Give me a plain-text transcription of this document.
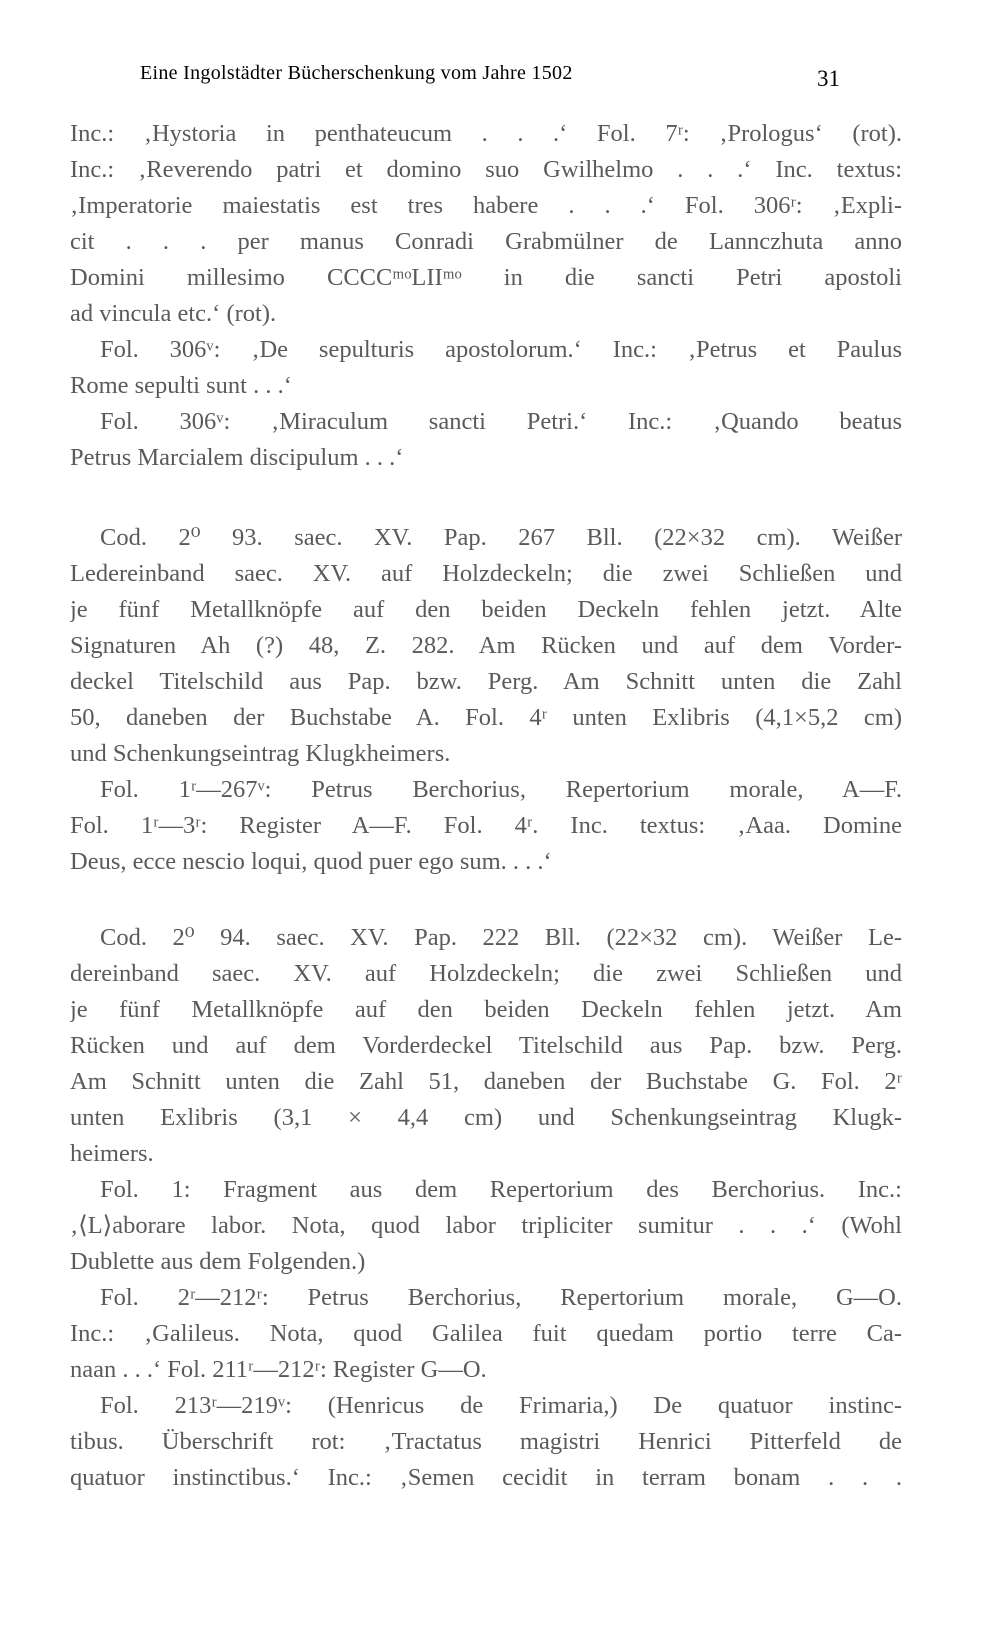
Eine Ingolstädter Bücherschenkung vom Jahre 1502	31
Inc.: ‚Hystoria in penthateucum . . .‘ Fol. 7ʳ: ‚Prologus‘ (rot).
Inc.: ‚Reverendo patri et domino suo Gwilhelmo . . .‘ Inc. textus:
‚Imperatorie maiestatis est tres habere . . .‘ Fol. 306ʳ: ‚Expli-
cit . . . per manus Conradi Grabmülner de Lannczhuta anno
Domini millesimo CCCCᵐᵒLIIᵐᵒ in die sancti Petri apostoli
ad vincula etc.‘ (rot).
Fol. 306ᵛ: ‚De sepulturis apostolorum.‘ Inc.: ‚Petrus et Paulus
Rome sepulti sunt . . .‘
Fol. 306ᵛ: ‚Miraculum sancti Petri.‘ Inc.: ‚Quando beatus
Petrus Marcialem discipulum . . .‘
Cod. 2⁰ 93. saec. XV. Pap. 267 Bll. (22×32 cm). Weißer
Ledereinband saec. XV. auf Holzdeckeln; die zwei Schließen und
je fünf Metallknöpfe auf den beiden Deckeln fehlen jetzt. Alte
Signaturen Ah (?) 48, Z. 282. Am Rücken und auf dem Vorder-
deckel Titelschild aus Pap. bzw. Perg. Am Schnitt unten die Zahl
50, daneben der Buchstabe A. Fol. 4ʳ unten Exlibris (4,1×5,2 cm)
und Schenkungseintrag Klugkheimers.
Fol. 1ʳ—267ᵛ: Petrus Berchorius, Repertorium morale, A—F.
Fol. 1ʳ—3ʳ: Register A—F. Fol. 4ʳ. Inc. textus: ‚Aaa. Domine
Deus, ecce nescio loqui, quod puer ego sum. . . .‘
Cod. 2⁰ 94. saec. XV. Pap. 222 Bll. (22×32 cm). Weißer Le-
dereinband saec. XV. auf Holzdeckeln; die zwei Schließen und
je fünf Metallknöpfe auf den beiden Deckeln fehlen jetzt. Am
Rücken und auf dem Vorderdeckel Titelschild aus Pap. bzw. Perg.
Am Schnitt unten die Zahl 51, daneben der Buchstabe G. Fol. 2ʳ
unten Exlibris (3,1 × 4,4 cm) und Schenkungseintrag Klugk-
heimers.
Fol. 1: Fragment aus dem Repertorium des Berchorius. Inc.:
‚⟨L⟩aborare labor. Nota, quod labor tripliciter sumitur . . .‘ (Wohl
Dublette aus dem Folgenden.)
Fol. 2ʳ—212ʳ: Petrus Berchorius, Repertorium morale, G—O.
Inc.: ‚Galileus. Nota, quod Galilea fuit quedam portio terre Ca-
naan . . .‘ Fol. 211ʳ—212ʳ: Register G—O.
Fol. 213ʳ—219ᵛ: (Henricus de Frimaria,) De quatuor instinc-
tibus. Überschrift rot: ‚Tractatus magistri Henrici Pitterfeld de
quatuor instinctibus.‘ Inc.: ‚Semen cecidit in terram bonam . . .
